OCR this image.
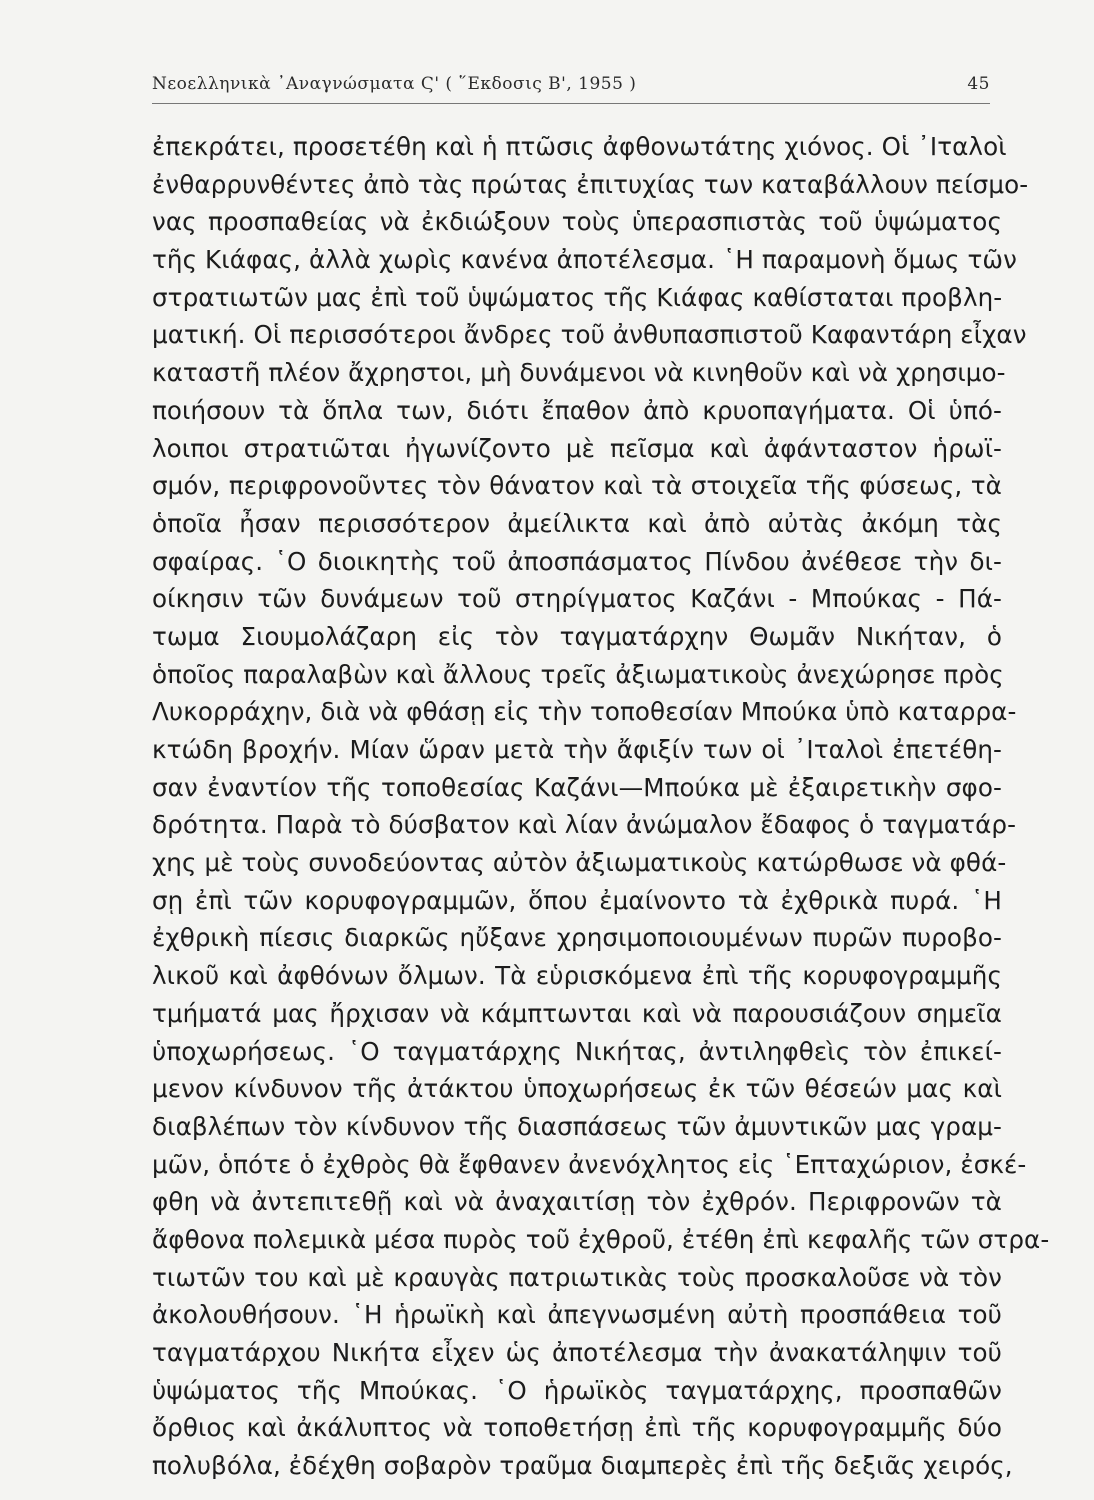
Νεοελληνικὰ ᾿Αναγνώσματα Ϛ' ( ῞Εκδοσις Β', 1955 )	45
ἐπεκράτει, προσετέθη καὶ ἡ πτῶσις ἀφθονωτάτης χιόνος. Οἱ ᾿Ιταλοὶ
ἐνθαρρυνθέντες ἀπὸ τὰς πρώτας ἐπιτυχίας των καταβάλλουν πείσμο-
νας προσπαθείας νὰ ἐκδιώξουν τοὺς ὑπερασπιστὰς τοῦ ὑψώματος
τῆς Κιάφας, ἀλλὰ χωρὶς κανένα ἀποτέλεσμα. ῾Η παραμονὴ ὅμως τῶν
στρατιωτῶν μας ἐπὶ τοῦ ὑψώματος τῆς Κιάφας καθίσταται προβλη-
ματική. Οἱ περισσότεροι ἄνδρες τοῦ ἀνθυπασπιστοῦ Καφαντάρη εἶχαν
καταστῆ πλέον ἄχρηστοι, μὴ δυνάμενοι νὰ κινηθοῦν καὶ νὰ χρησιμο-
ποιήσουν τὰ ὅπλα των, διότι ἔπαθον ἀπὸ κρυοπαγήματα. Οἱ ὑπό-
λοιποι στρατιῶται ἠγωνίζοντο μὲ πεῖσμα καὶ ἀφάνταστον ἡρωϊ-
σμόν, περιφρονοῦντες τὸν θάνατον καὶ τὰ στοιχεῖα τῆς φύσεως, τὰ
ὁποῖα ἦσαν περισσότερον ἀμείλικτα καὶ ἀπὸ αὐτὰς ἀκόμη τὰς
σφαίρας. ῾Ο διοικητὴς τοῦ ἀποσπάσματος Πίνδου ἀνέθεσε τὴν δι-
οίκησιν τῶν δυνάμεων τοῦ στηρίγματος Καζάνι - Μπούκας - Πά-
τωμα Σιουμολάζαρη εἰς τὸν ταγματάρχην Θωμᾶν Νικήταν, ὁ
ὁποῖος παραλαβὼν καὶ ἄλλους τρεῖς ἀξιωματικοὺς ἀνεχώρησε πρὸς
Λυκορράχην, διὰ νὰ φθάσῃ εἰς τὴν τοποθεσίαν Μπούκα ὑπὸ καταρρα-
κτώδη βροχήν. Μίαν ὥραν μετὰ τὴν ἄφιξίν των οἱ ᾿Ιταλοὶ ἐπετέθη-
σαν ἐναντίον τῆς τοποθεσίας Καζάνι—Μπούκα μὲ ἐξαιρετικὴν σφο-
δρότητα. Παρὰ τὸ δύσβατον καὶ λίαν ἀνώμαλον ἔδαφος ὁ ταγματάρ-
χης μὲ τοὺς συνοδεύοντας αὐτὸν ἀξιωματικοὺς κατώρθωσε νὰ φθά-
σῃ ἐπὶ τῶν κορυφογραμμῶν, ὅπου ἐμαίνοντο τὰ ἐχθρικὰ πυρά. ῾Η
ἐχθρικὴ πίεσις διαρκῶς ηὔξανε χρησιμοποιουμένων πυρῶν πυροβο-
λικοῦ καὶ ἀφθόνων ὄλμων. Τὰ εὑρισκόμενα ἐπὶ τῆς κορυφογραμμῆς
τμήματά μας ἤρχισαν νὰ κάμπτωνται καὶ νὰ παρουσιάζουν σημεῖα
ὑποχωρήσεως. ῾Ο ταγματάρχης Νικήτας, ἀντιληφθεὶς τὸν ἐπικεί-
μενον κίνδυνον τῆς ἀτάκτου ὑποχωρήσεως ἐκ τῶν θέσεών μας καὶ
διαβλέπων τὸν κίνδυνον τῆς διασπάσεως τῶν ἀμυντικῶν μας γραμ-
μῶν, ὁπότε ὁ ἐχθρὸς θὰ ἔφθανεν ἀνενόχλητος εἰς ῾Επταχώριον, ἐσκέ-
φθη νὰ ἀντεπιτεθῇ καὶ νὰ ἀναχαιτίσῃ τὸν ἐχθρόν. Περιφρονῶν τὰ
ἄφθονα πολεμικὰ μέσα πυρὸς τοῦ ἐχθροῦ, ἐτέθη ἐπὶ κεφαλῆς τῶν στρα-
τιωτῶν του καὶ μὲ κραυγὰς πατριωτικὰς τοὺς προσκαλοῦσε νὰ τὸν
ἀκολουθήσουν. ῾Η ἡρωϊκὴ καὶ ἀπεγνωσμένη αὐτὴ προσπάθεια τοῦ
ταγματάρχου Νικήτα εἶχεν ὡς ἀποτέλεσμα τὴν ἀνακατάληψιν τοῦ
ὑψώματος τῆς Μπούκας. ῾Ο ἡρωϊκὸς ταγματάρχης, προσπαθῶν
ὄρθιος καὶ ἀκάλυπτος νὰ τοποθετήσῃ ἐπὶ τῆς κορυφογραμμῆς δύο
πολυβόλα, ἐδέχθη σοβαρὸν τραῦμα διαμπερὲς ἐπὶ τῆς δεξιᾶς χειρός,
